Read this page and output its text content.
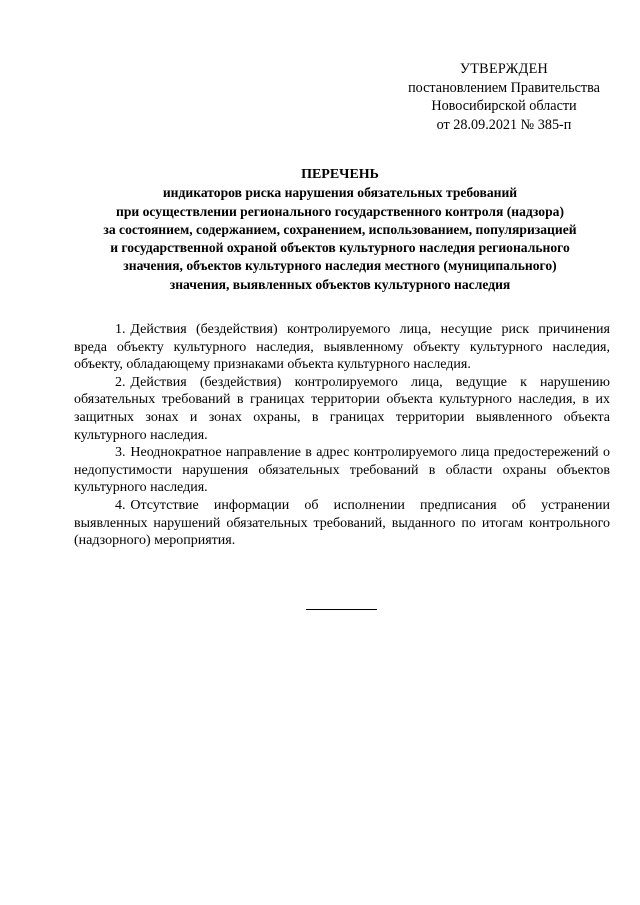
УТВЕРЖДЕН
постановлением Правительства
Новосибирской области
от 28.09.2021 № 385-п
ПЕРЕЧЕНЬ
индикаторов риска нарушения обязательных требований
при осуществлении регионального государственного контроля (надзора)
за состоянием, содержанием, сохранением, использованием, популяризацией
и государственной охраной объектов культурного наследия регионального
значения, объектов культурного наследия местного (муниципального)
значения, выявленных объектов культурного наследия

1. Действия (бездействия) контролируемого лица, несущие риск причинения вреда объекту культурного наследия, выявленному объекту культурного наследия, объекту, обладающему признаками объекта культурного наследия.

2. Действия (бездействия) контролируемого лица, ведущие к нарушению обязательных требований в границах территории объекта культурного наследия, в их защитных зонах и зонах охраны, в границах территории выявленного объекта культурного наследия.

3. Неоднократное направление в адрес контролируемого лица предостережений о недопустимости нарушения обязательных требований в области охраны объектов культурного наследия.

4. Отсутствие информации об исполнении предписания об устранении выявленных нарушений обязательных требований, выданного по итогам контрольного (надзорного) мероприятия.
